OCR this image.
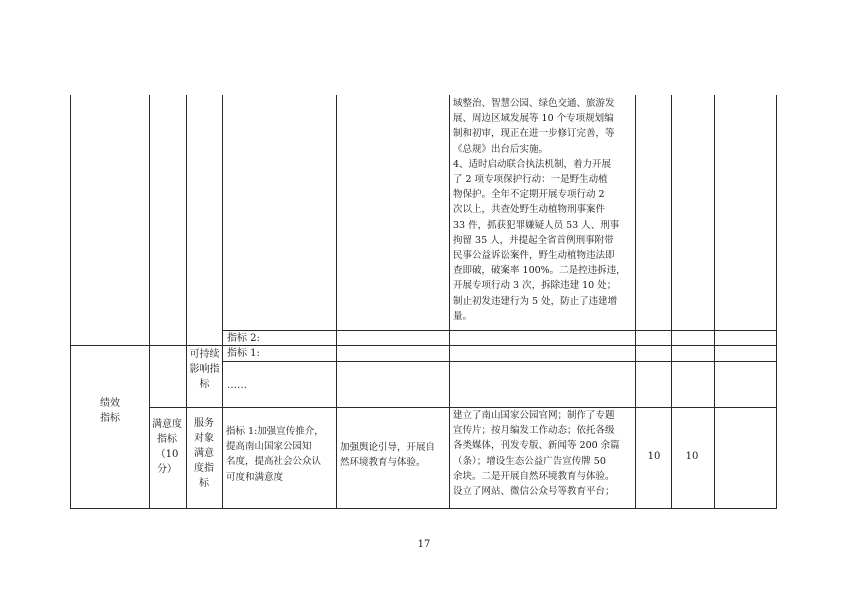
域整治、智慧公园、绿色交通、旅游发
展、周边区域发展等 10 个专项规划编
制和初审，现正在进一步修订完善，等
《总规》出台后实施。
4、适时启动联合执法机制，着力开展
了 2 项专项保护行动：一是野生动植
物保护。全年不定期开展专项行动 2
次以上，共查处野生动植物刑事案件
33 件，抓获犯罪嫌疑人员 53 人、刑事
拘留 35 人，并提起全省首例刑事附带
民事公益诉讼案件，野生动植物违法即
查即破，破案率 100%。二是控违拆违，
开展专项行动 3 次，拆除违建 10 处；
制止初发违建行为 5 处，防止了违建增
量。
指标 2:
可持续影响指标
指标 1:
……
绩效指标
满意度指标（10分）
服务对象满意度指标
指标 1:加强宣传推介，
提高南山国家公园知
名度，提高社会公众认
可度和满意度
加强舆论引导，开展自
然环境教育与体验。
建立了南山国家公园官网；制作了专题
宣传片；按月编发工作动态；依托各级
各类媒体，刊发专版、新闻等 200 余篇
（条）；增设生态公益广告宣传牌 50
余块。二是开展自然环境教育与体验。
设立了网站、微信公众号等教育平台；
10	10
17
